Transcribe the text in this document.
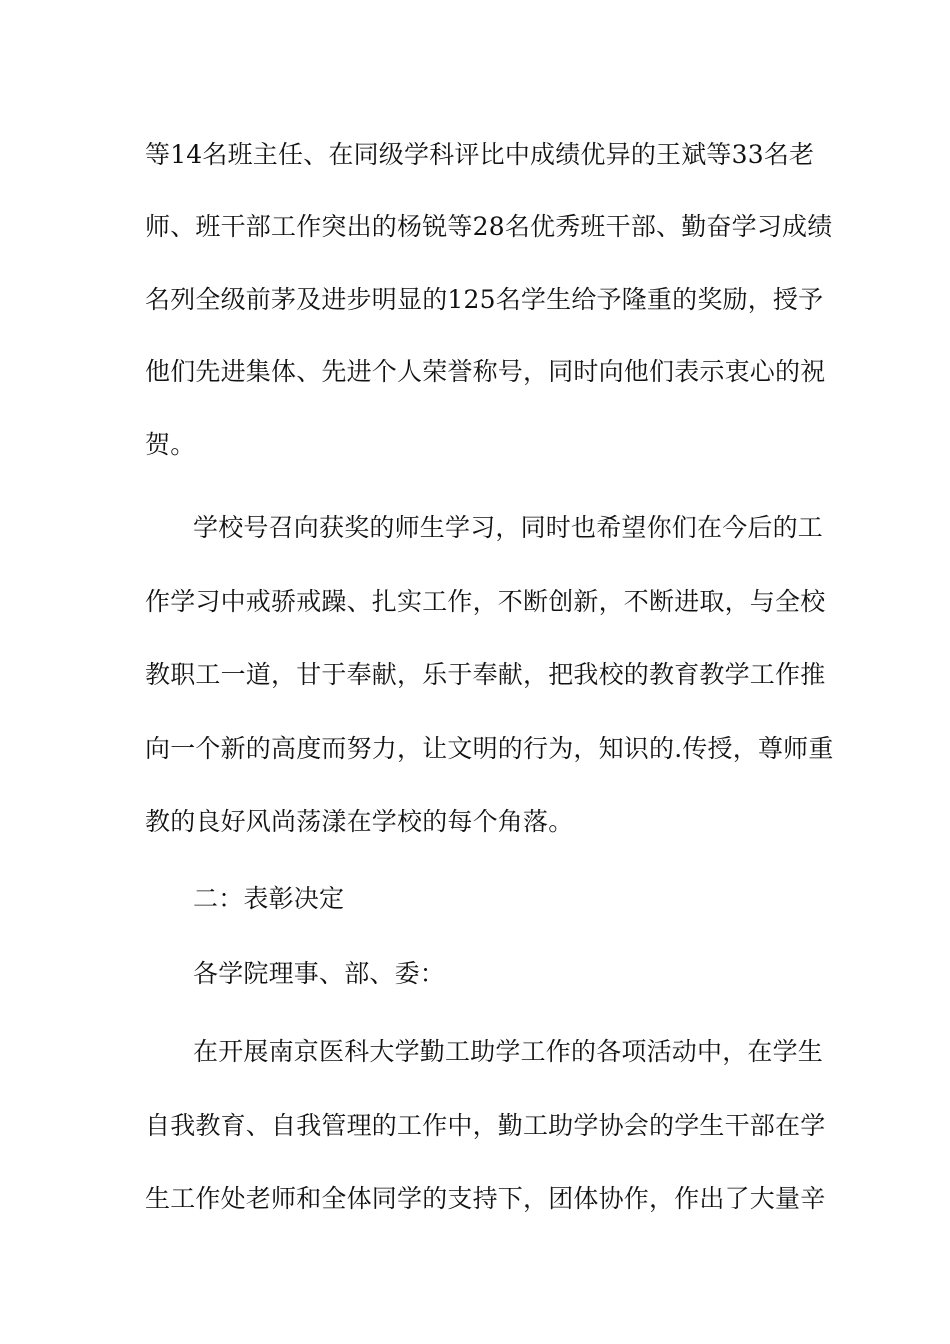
等14名班主任、在同级学科评比中成绩优异的王斌等33名老
师、班干部工作突出的杨锐等28名优秀班干部、勤奋学习成绩
名列全级前茅及进步明显的125名学生给予隆重的奖励，授予
他们先进集体、先进个人荣誉称号，同时向他们表示衷心的祝
贺。
学校号召向获奖的师生学习，同时也希望你们在今后的工
作学习中戒骄戒躁、扎实工作，不断创新，不断进取，与全校
教职工一道，甘于奉献，乐于奉献，把我校的教育教学工作推
向一个新的高度而努力，让文明的行为，知识的.传授，尊师重
教的良好风尚荡漾在学校的每个角落。
二：表彰决定
各学院理事、部、委：
在开展南京医科大学勤工助学工作的各项活动中，在学生
自我教育、自我管理的工作中，勤工助学协会的学生干部在学
生工作处老师和全体同学的支持下，团体协作，作出了大量辛
